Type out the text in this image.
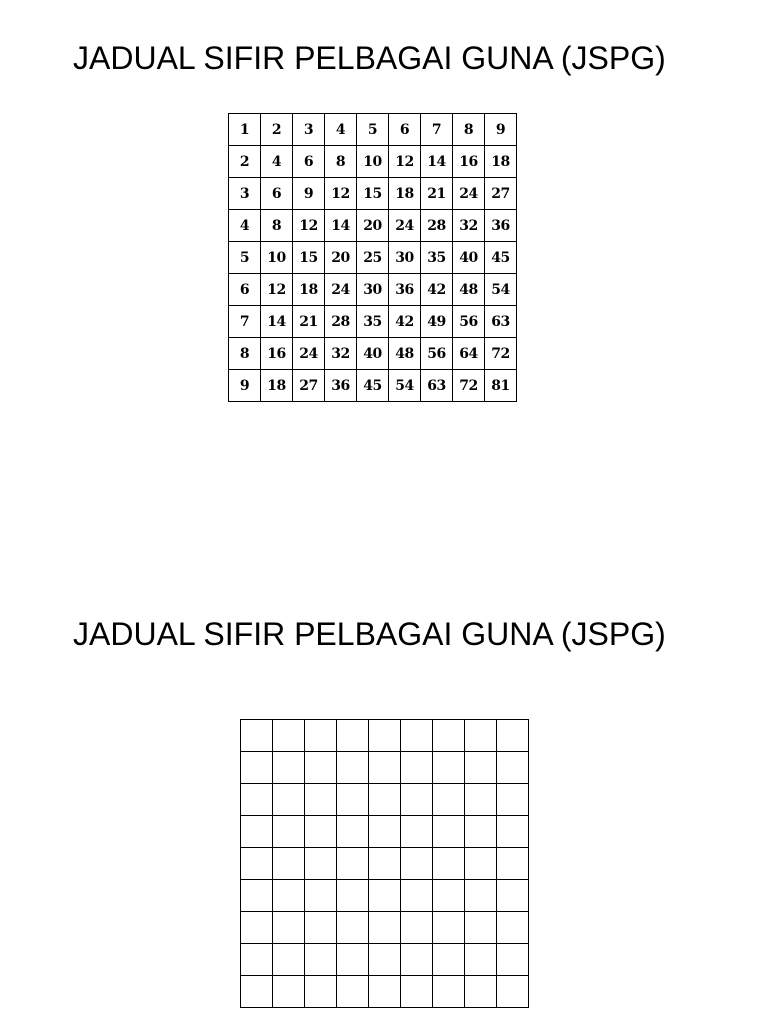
JADUAL SIFIR PELBAGAI GUNA (JSPG)
1	2	3	4	5	6	7	8	9
2	4	6	8	10	12	14	16	18
3	6	9	12	15	18	21	24	27
4	8	12	14	20	24	28	32	36
5	10	15	20	25	30	35	40	45
6	12	18	24	30	36	42	48	54
7	14	21	28	35	42	49	56	63
8	16	24	32	40	48	56	64	72
9	18	27	36	45	54	63	72	81
JADUAL SIFIR PELBAGAI GUNA (JSPG)
